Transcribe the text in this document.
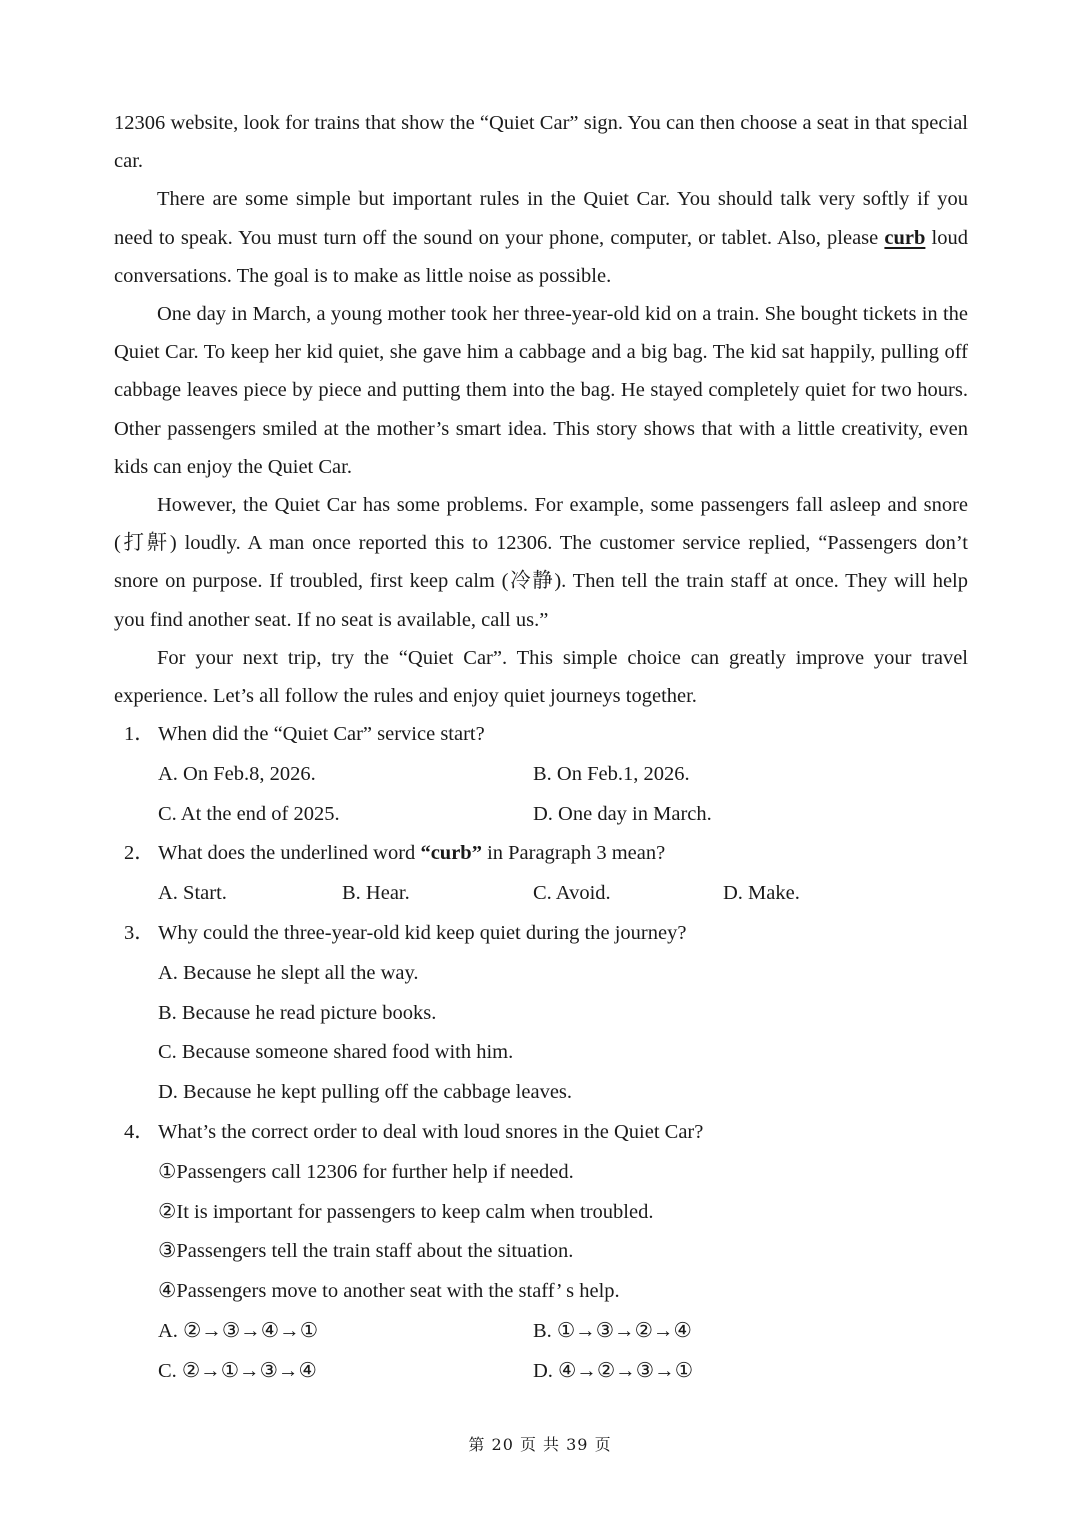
12306 website, look for trains that show the “Quiet Car” sign. You can then choose a seat in that special car.

There are some simple but important rules in the Quiet Car. You should talk very softly if you need to speak. You must turn off the sound on your phone, computer, or tablet. Also, please curb loud conversations. The goal is to make as little noise as possible.

One day in March, a young mother took her three-year-old kid on a train. She bought tickets in the Quiet Car. To keep her kid quiet, she gave him a cabbage and a big bag. The kid sat happily, pulling off cabbage leaves piece by piece and putting them into the bag. He stayed completely quiet for two hours. Other passengers smiled at the mother’s smart idea. This story shows that with a little creativity, even kids can enjoy the Quiet Car.

However, the Quiet Car has some problems. For example, some passengers fall asleep and snore (打鼾) loudly. A man once reported this to 12306. The customer service replied, “Passengers don’t snore on purpose. If troubled, first keep calm (冷静). Then tell the train staff at once. They will help you find another seat. If no seat is available, call us.”

For your next trip, try the “Quiet Car”. This simple choice can greatly improve your travel experience. Let’s all follow the rules and enjoy quiet journeys together.

1． When did the “Quiet Car” service start?
A. On Feb.8, 2026.	B. On Feb.1, 2026.
C. At the end of 2025.	D. One day in March.
2． What does the underlined word “curb” in Paragraph 3 mean?
A. Start.	B. Hear.	C. Avoid.	D. Make.
3． Why could the three-year-old kid keep quiet during the journey?
A. Because he slept all the way.
B. Because he read picture books.
C. Because someone shared food with him.
D. Because he kept pulling off the cabbage leaves.
4． What’s the correct order to deal with loud snores in the Quiet Car?
①Passengers call 12306 for further help if needed.
②It is important for passengers to keep calm when troubled.
③Passengers tell the train staff about the situation.
④Passengers move to another seat with the staff’ s help.
A. ②→③→④→①	B. ①→③→②→④
C. ②→①→③→④	D. ④→②→③→①
第 20 页 共 39 页
